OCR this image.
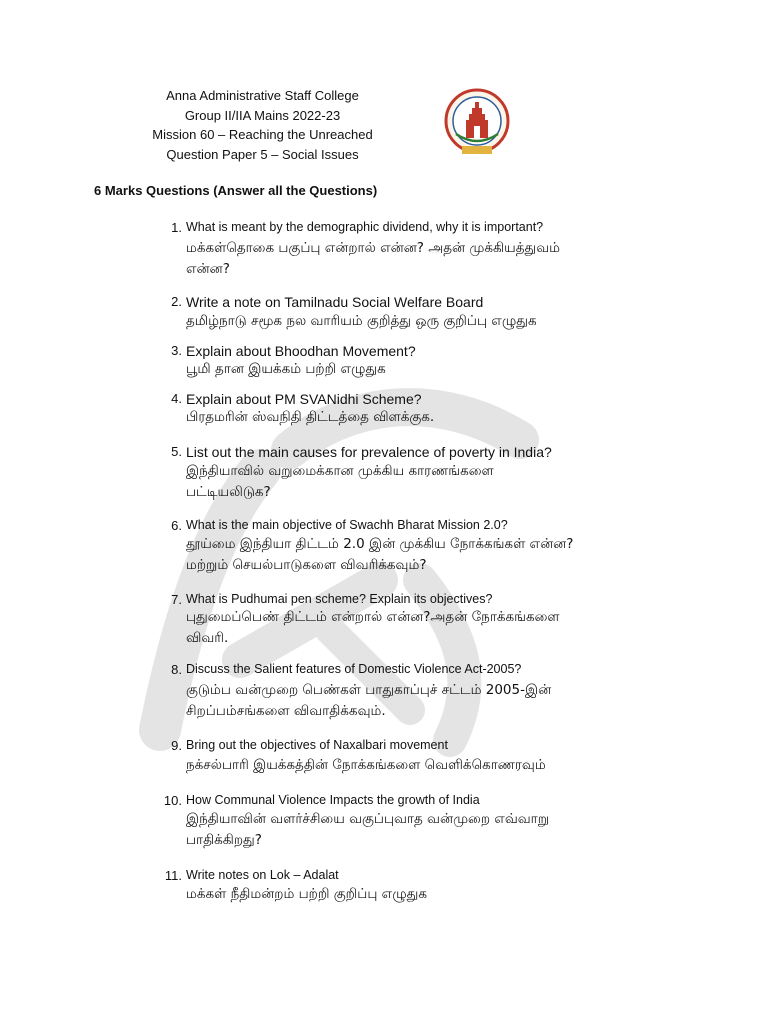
Anna Administrative Staff College
Group II/IIA Mains 2022-23
Mission 60 – Reaching the Unreached
Question Paper 5 – Social Issues
6 Marks Questions (Answer all the Questions)
1. What is meant by the demographic dividend, why it is important?
மக்கள்தொகை பகுப்பு என்றால் என்ன? அதன் முக்கியத்துவம்
என்ன?
2. Write a note on Tamilnadu Social Welfare Board
தமிழ்நாடு சமூக நல வாரியம் குறித்து ஒரு குறிப்பு எழுதுக
3. Explain about Bhoodhan Movement?
பூமி தான இயக்கம் பற்றி எழுதுக
4. Explain about PM SVANidhi Scheme?
பிரதமரின் ஸ்வநிதி திட்டத்தை விளக்குக.
5. List out the main causes for prevalence of poverty in India?
இந்தியாவில் வறுமைக்கான முக்கிய காரணங்களை
பட்டியலிடுக?
6. What is the main objective of Swachh Bharat Mission 2.0?
தூய்மை இந்தியா திட்டம் 2.0 இன் முக்கிய நோக்கங்கள் என்ன?
மற்றும் செயல்பாடுகளை விவரிக்கவும்?
7. What is Pudhumai pen scheme? Explain its objectives?
புதுமைப்பெண் திட்டம் என்றால் என்ன?அதன் நோக்கங்களை
விவரி.
8. Discuss the Salient features of Domestic Violence Act-2005?
குடும்ப வன்முறை பெண்கள் பாதுகாப்புச் சட்டம் 2005-இன்
சிறப்பம்சங்களை விவாதிக்கவும்.
9. Bring out the objectives of Naxalbari movement
நக்சல்பாரி இயக்கத்தின் நோக்கங்களை வெளிக்கொணரவும்
10. How Communal Violence Impacts the growth of India
இந்தியாவின் வளர்ச்சியை வகுப்புவாத வன்முறை எவ்வாறு
பாதிக்கிறது?
11. Write notes on Lok – Adalat
மக்கள் நீதிமன்றம் பற்றி குறிப்பு எழுதுக
